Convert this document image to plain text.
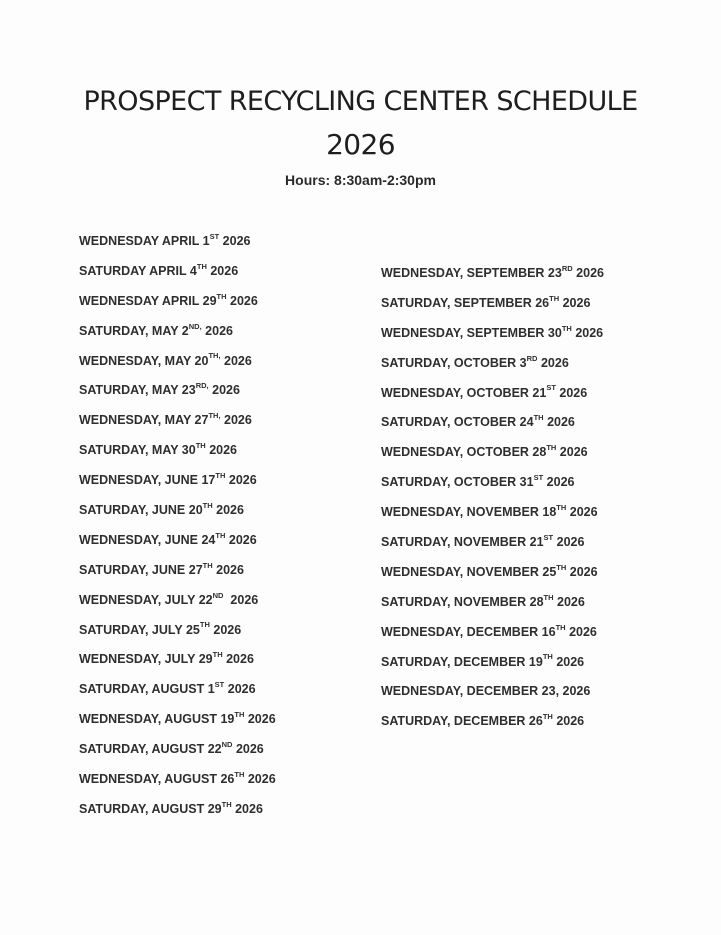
PROSPECT RECYCLING CENTER SCHEDULE
2026
Hours: 8:30am-2:30pm
WEDNESDAY APRIL 1ST 2026
SATURDAY APRIL 4TH 2026
WEDNESDAY APRIL 29TH 2026
SATURDAY, MAY $2^{ND,}$ 2026
WEDNESDAY, MAY $20^{TH,}$ 2026
SATURDAY, MAY $23^{RD,}$ 2026
WEDNESDAY, MAY $27^{TH,}$ 2026
SATURDAY, MAY 30TH 2026
WEDNESDAY, JUNE 17TH 2026
SATURDAY, JUNE 20TH 2026
WEDNESDAY, JUNE 24TH 2026
SATURDAY, JUNE 27TH 2026
WEDNESDAY, JULY 22ND  2026
SATURDAY, JULY 25TH 2026
WEDNESDAY, JULY 29TH 2026
SATURDAY, AUGUST 1ST 2026
WEDNESDAY, AUGUST 19TH 2026
SATURDAY, AUGUST 22ND 2026
WEDNESDAY, AUGUST 26TH 2026
SATURDAY, AUGUST 29TH 2026
WEDNESDAY, SEPTEMBER 23RD 2026
SATURDAY, SEPTEMBER 26TH 2026
WEDNESDAY, SEPTEMBER 30TH 2026
SATURDAY, OCTOBER 3RD 2026
WEDNESDAY, OCTOBER 21ST 2026
SATURDAY, OCTOBER 24TH 2026
WEDNESDAY, OCTOBER 28TH 2026
SATURDAY, OCTOBER 31ST 2026
WEDNESDAY, NOVEMBER 18TH 2026
SATURDAY, NOVEMBER 21ST 2026
WEDNESDAY, NOVEMBER 25TH 2026
SATURDAY, NOVEMBER 28TH 2026
WEDNESDAY, DECEMBER 16TH 2026
SATURDAY, DECEMBER 19TH 2026
WEDNESDAY, DECEMBER 23, 2026
SATURDAY, DECEMBER 26TH 2026
